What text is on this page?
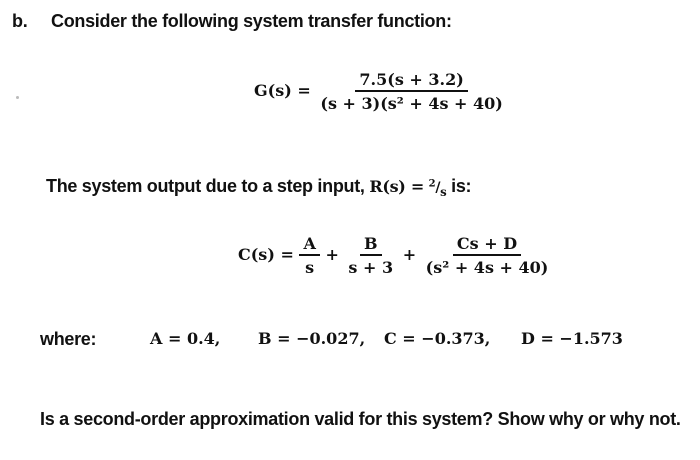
b. Consider the following system transfer function:
$G(s) = \frac{7.5(s + 3.2)}{\text{(s + 3)(s² + 4s + 40)}}$
The system output due to a step input, $R(s) = ^2/_s$ is:
$C(s) = \frac{A}{s} + \frac{B}{s + 3} + \frac{Cs + D}{\text{(s² + 4s + 40)}}$
where:	A = 0.4, B = −0.027, C = −0.373, D = −1.573
Is a second-order approximation valid for this system? Show why or why not.
